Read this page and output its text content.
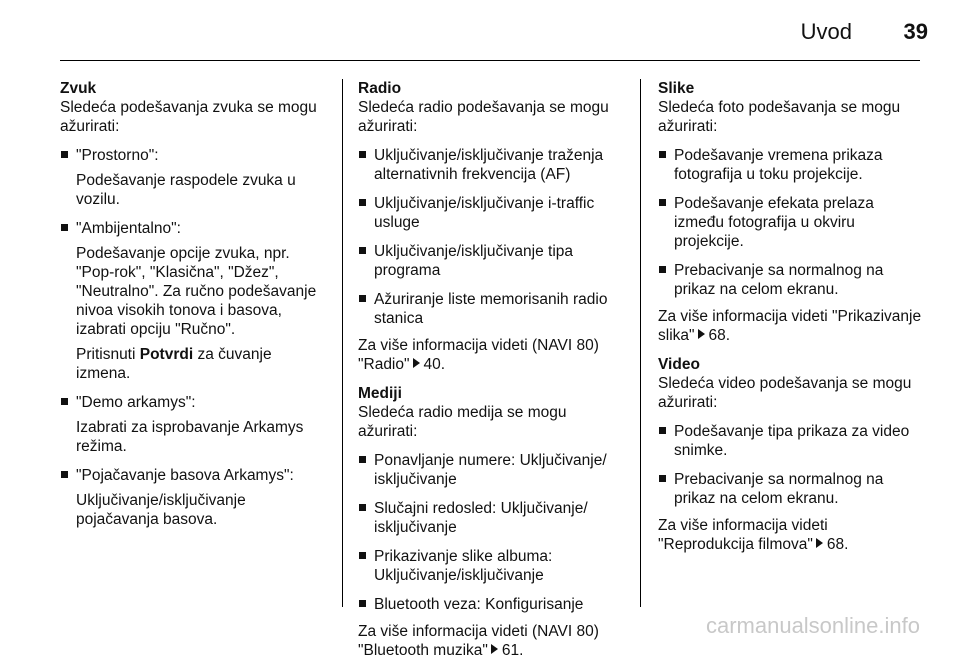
Uvod	39
Zvuk

Sledeća podešavanja zvuka se mogu ažurirati:

"Prostorno":

Podešavanje raspodele zvuka u vozilu.

"Ambijentalno":

Podešavanje opcije zvuka, npr. "Pop-rok", "Klasična", "Džez", "Neutralno". Za ručno podešavanje nivoa visokih tonova i basova, izabrati opciju "Ručno".

Pritisnuti Potvrdi za čuvanje izmena.

"Demo arkamys":

Izabrati za isprobavanje Arkamys režima.

"Pojačavanje basova Arkamys":

Uključivanje/isključivanje pojačavanja basova.

Radio

Sledeća radio podešavanja se mogu ažurirati:

Uključivanje/isključivanje traženja alternativnih frekvencija (AF)
Uključivanje/isključivanje i-traffic usluge
Uključivanje/isključivanje tipa programa
Ažuriranje liste memorisanih radio stanica
Za više informacija videti (NAVI 80) "Radio" 40.
Mediji

Sledeća radio medija se mogu ažurirati:

Ponavljanje numere: Uključivanje/ isključivanje
Slučajni redosled: Uključivanje/ isključivanje
Prikazivanje slike albuma: Uključivanje/isključivanje
Bluetooth veza: Konfigurisanje
Za više informacija videti (NAVI 80) "Bluetooth muzika" 61.
Slike

Sledeća foto podešavanja se mogu ažurirati:

Podešavanje vremena prikaza fotografija u toku projekcije.
Podešavanje efekata prelaza između fotografija u okviru projekcije.
Prebacivanje sa normalnog na prikaz na celom ekranu.
Za više informacija videti "Prikazivanje slika" 68.
Video

Sledeća video podešavanja se mogu ažurirati:

Podešavanje tipa prikaza za video snimke.
Prebacivanje sa normalnog na prikaz na celom ekranu.
Za više informacija videti "Reprodukcija filmova" 68.
carmanualsonline.info
